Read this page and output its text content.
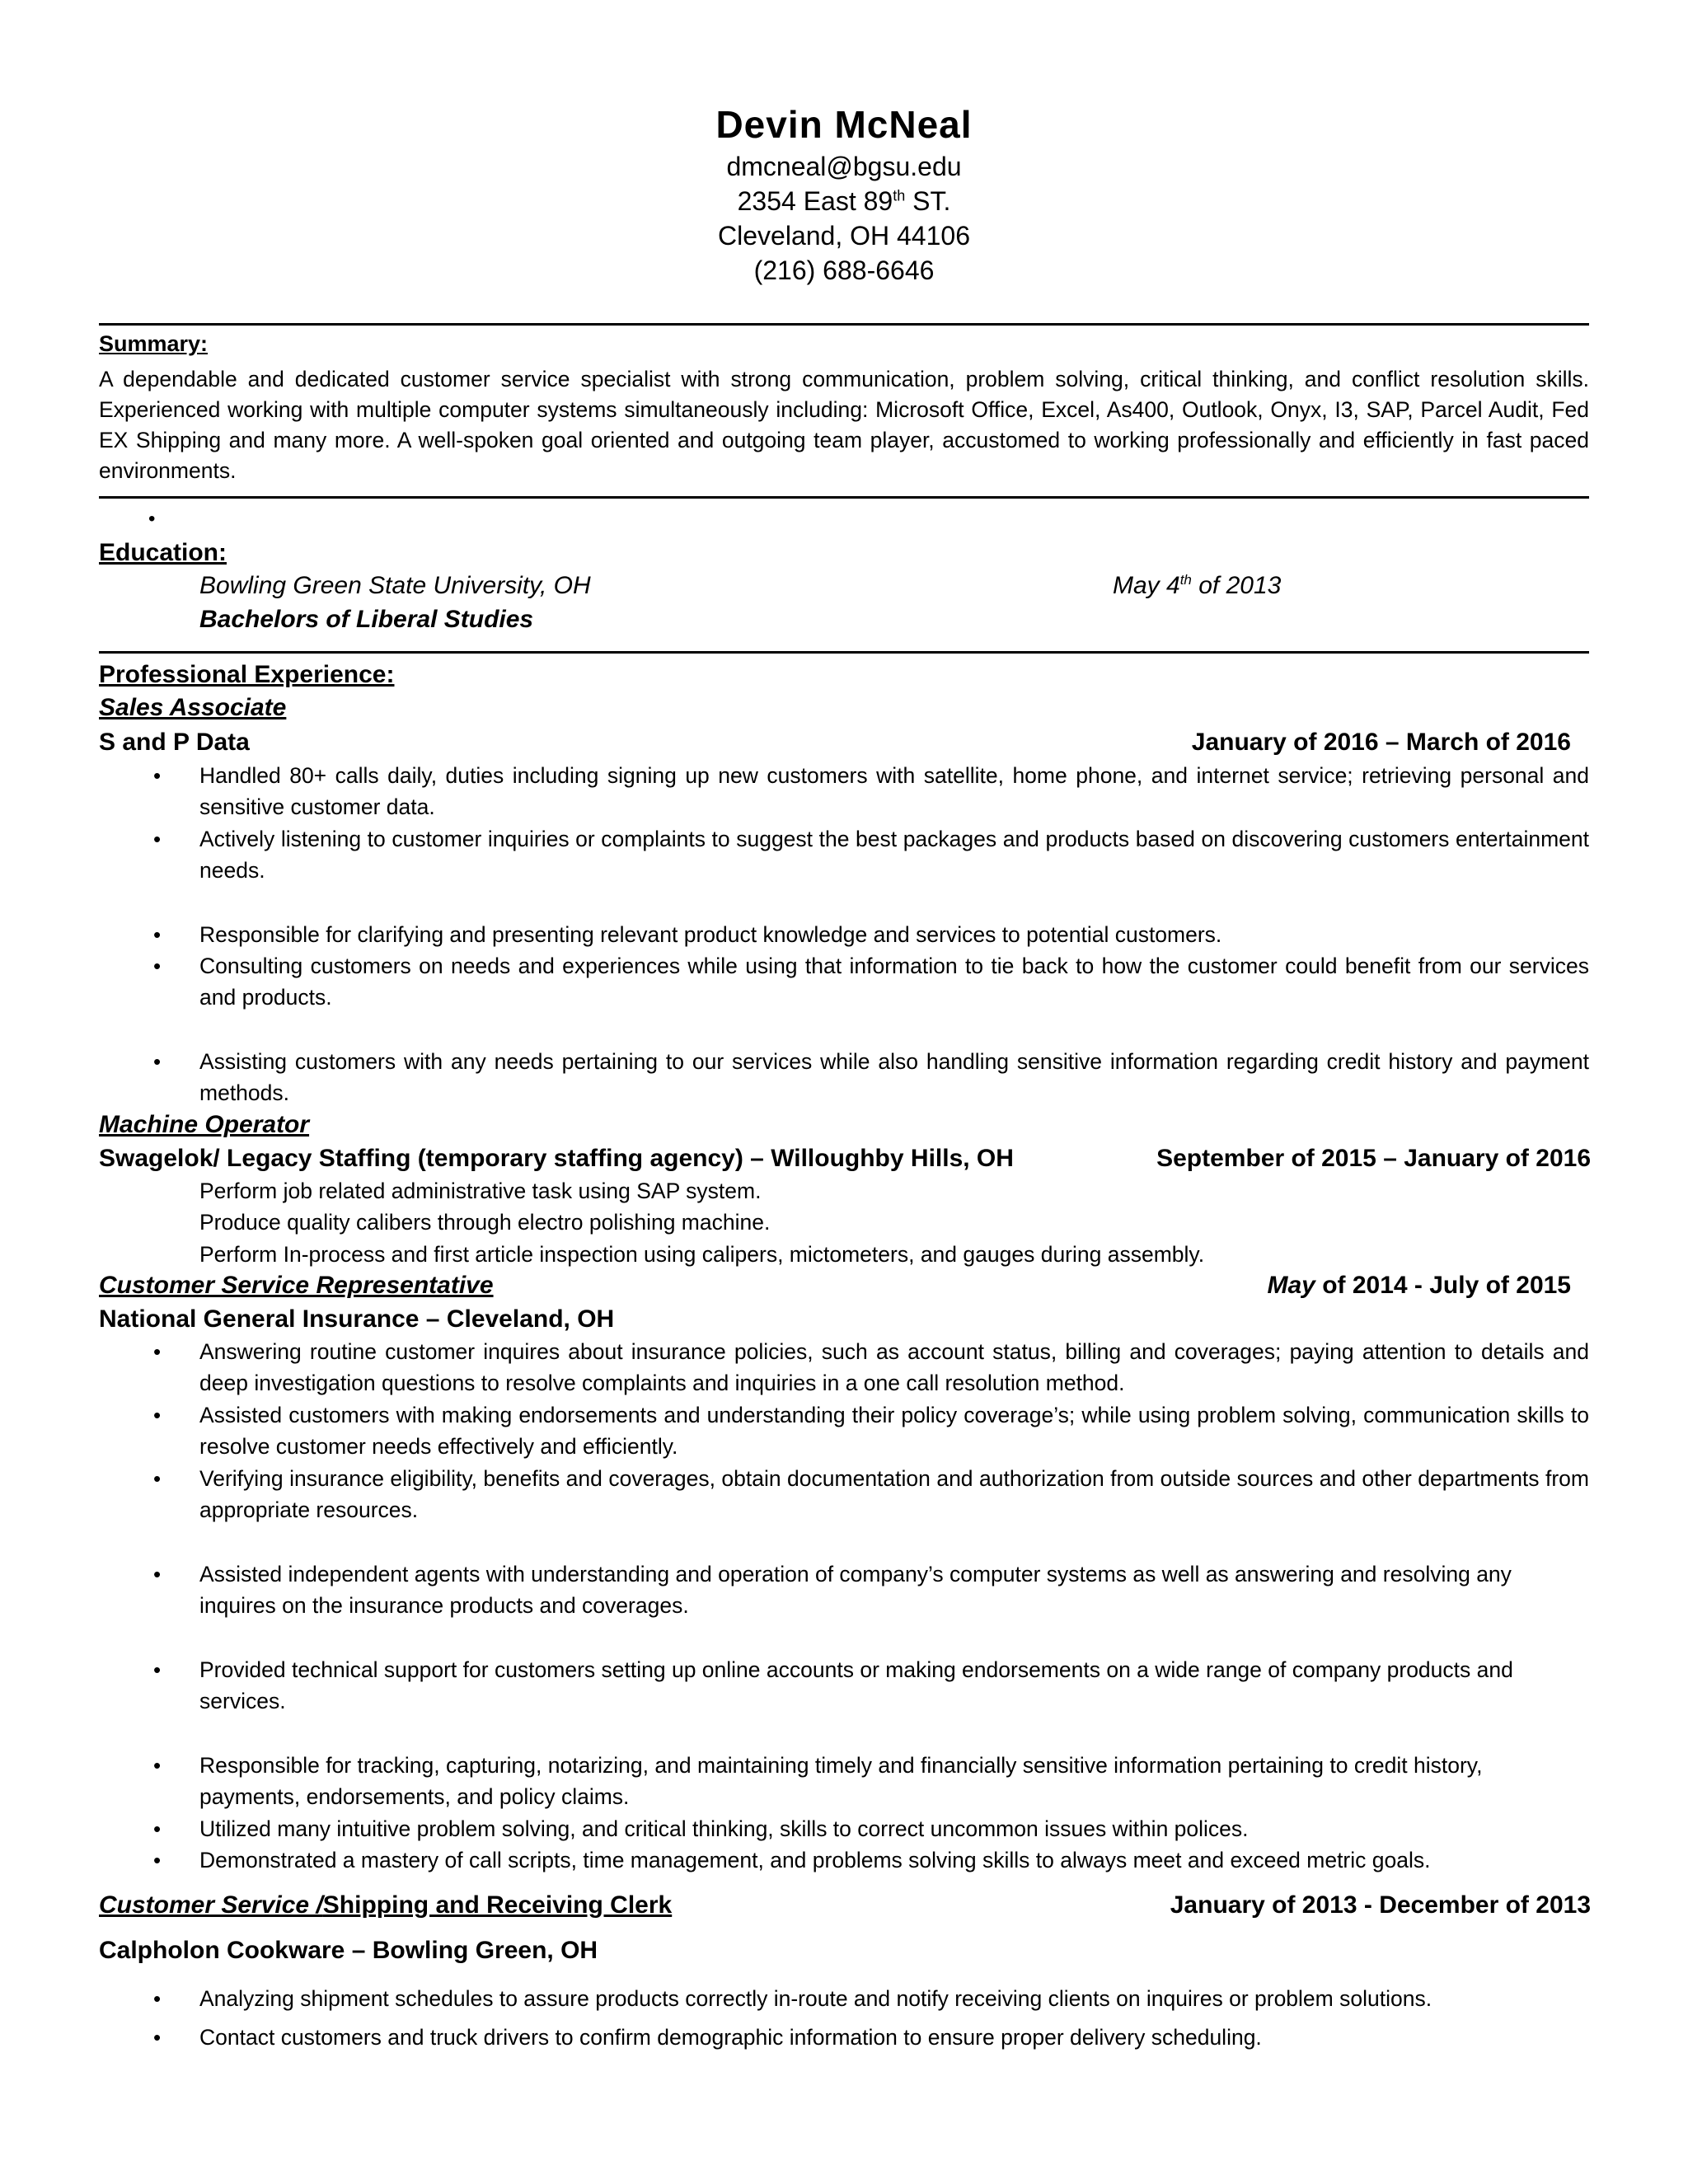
Devin McNeal
dmcneal@bgsu.edu
2354 East 89th ST.
Cleveland, OH 44106
(216) 688-6646
Summary:
A dependable and dedicated customer service specialist with strong communication, problem solving, critical thinking, and conflict resolution skills. Experienced working with multiple computer systems simultaneously including: Microsoft Office, Excel, As400, Outlook, Onyx, I3, SAP, Parcel Audit, Fed EX Shipping and many more. A well-spoken goal oriented and outgoing team player, accustomed to working professionally and efficiently in fast paced environments.
•
Education:
Bowling Green State University, OH	May 4th of 2013
Bachelors of Liberal Studies
Professional Experience:
Sales Associate
S and P Data	January of 2016 – March of 2016
•	Handled 80+ calls daily, duties including signing up new customers with satellite, home phone, and internet service; retrieving personal and sensitive customer data.
•	Actively listening to customer inquiries or complaints to suggest the best packages and products based on discovering customers entertainment needs.
•	Responsible for clarifying and presenting relevant product knowledge and services to potential customers.
•	Consulting customers on needs and experiences while using that information to tie back to how the customer could benefit from our services and products.
•	Assisting customers with any needs pertaining to our services while also handling sensitive information regarding credit history and payment methods.
Machine Operator
Swagelok/ Legacy Staffing (temporary staffing agency) – Willoughby Hills, OH	September of 2015 – January of 2016
Perform job related administrative task using SAP system.
Produce quality calibers through electro polishing machine.
Perform In-process and first article inspection using calipers, mictometers, and gauges during assembly.
Customer Service Representative	May of 2014 - July of 2015
National General Insurance – Cleveland, OH
•	Answering routine customer inquires about insurance policies, such as account status, billing and coverages; paying attention to details and deep investigation questions to resolve complaints and inquiries in a one call resolution method.
•	Assisted customers with making endorsements and understanding their policy coverage’s; while using problem solving, communication skills to resolve customer needs effectively and efficiently.
•	Verifying insurance eligibility, benefits and coverages, obtain documentation and authorization from outside sources and other departments from appropriate resources.
•	Assisted independent agents with understanding and operation of company’s computer systems as well as answering and resolving any inquires on the insurance products and coverages.
•	Provided technical support for customers setting up online accounts or making endorsements on a wide range of company products and services.
•	Responsible for tracking, capturing, notarizing, and maintaining timely and financially sensitive information pertaining to credit history, payments, endorsements, and policy claims.
•	Utilized many intuitive problem solving, and critical thinking, skills to correct uncommon issues within polices.
•	Demonstrated a mastery of call scripts, time management, and problems solving skills to always meet and exceed metric goals.
Customer Service /Shipping and Receiving Clerk	January of 2013 - December of 2013
Calpholon Cookware – Bowling Green, OH
•	Analyzing shipment schedules to assure products correctly in-route and notify receiving clients on inquires or problem solutions.
•	Contact customers and truck drivers to confirm demographic information to ensure proper delivery scheduling.
